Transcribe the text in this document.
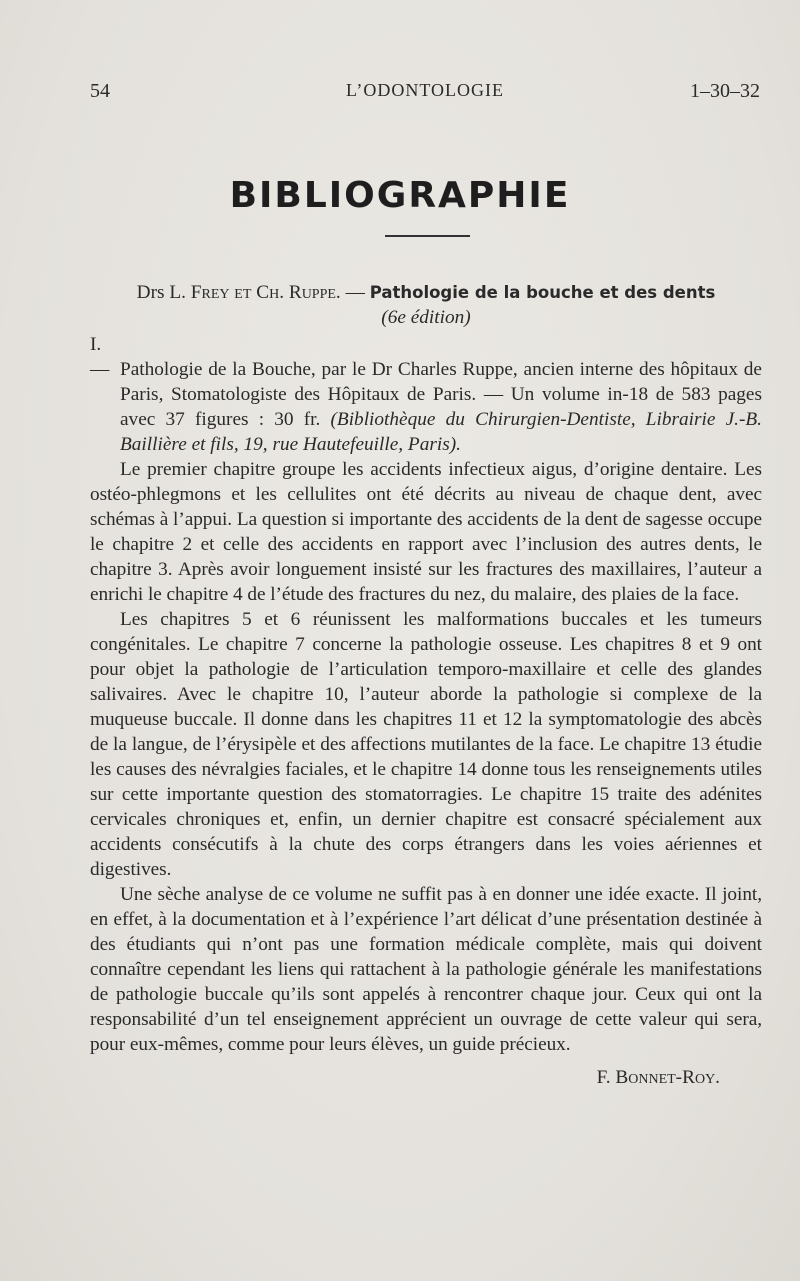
54	L’ODONTOLOGIE	1–30–32
BIBLIOGRAPHIE

Drs L. Frey et Ch. Ruppe. — Pathologie de la bouche et des dents

(6e édition)

I. — Pathologie de la Bouche, par le Dr Charles Ruppe, ancien interne des hôpitaux de Paris, Stomatologiste des Hôpitaux de Paris. — Un volume in-18 de 583 pages avec 37 figures : 30 fr. (Bibliothèque du Chirurgien-Dentiste, Librairie J.-B. Baillière et fils, 19, rue Hautefeuille, Paris).

Le premier chapitre groupe les accidents infectieux aigus, d’origine dentaire. Les ostéo-phlegmons et les cellulites ont été décrits au niveau de chaque dent, avec schémas à l’appui. La question si importante des accidents de la dent de sagesse occupe le chapitre 2 et celle des accidents en rapport avec l’inclusion des autres dents, le chapitre 3. Après avoir longuement insisté sur les fractures des maxillaires, l’auteur a enrichi le chapitre 4 de l’étude des fractures du nez, du malaire, des plaies de la face.

Les chapitres 5 et 6 réunissent les malformations buccales et les tumeurs congénitales. Le chapitre 7 concerne la pathologie osseuse. Les chapitres 8 et 9 ont pour objet la pathologie de l’articulation temporo-maxillaire et celle des glandes salivaires. Avec le chapitre 10, l’auteur aborde la pathologie si complexe de la muqueuse buccale. Il donne dans les chapitres 11 et 12 la symptomatologie des abcès de la langue, de l’érysipèle et des affections mutilantes de la face. Le chapitre 13 étudie les causes des névralgies faciales, et le chapitre 14 donne tous les renseignements utiles sur cette importante question des stomatorragies. Le chapitre 15 traite des adénites cervicales chroniques et, enfin, un dernier chapitre est consacré spécialement aux accidents consécutifs à la chute des corps étrangers dans les voies aériennes et digestives.

Une sèche analyse de ce volume ne suffit pas à en donner une idée exacte. Il joint, en effet, à la documentation et à l’expérience l’art délicat d’une présentation destinée à des étudiants qui n’ont pas une formation médicale complète, mais qui doivent connaître cependant les liens qui rattachent à la pathologie générale les manifestations de pathologie buccale qu’ils sont appelés à rencontrer chaque jour. Ceux qui ont la responsabilité d’un tel enseignement apprécient un ouvrage de cette valeur qui sera, pour eux-mêmes, comme pour leurs élèves, un guide précieux.

F. Bonnet-Roy.
